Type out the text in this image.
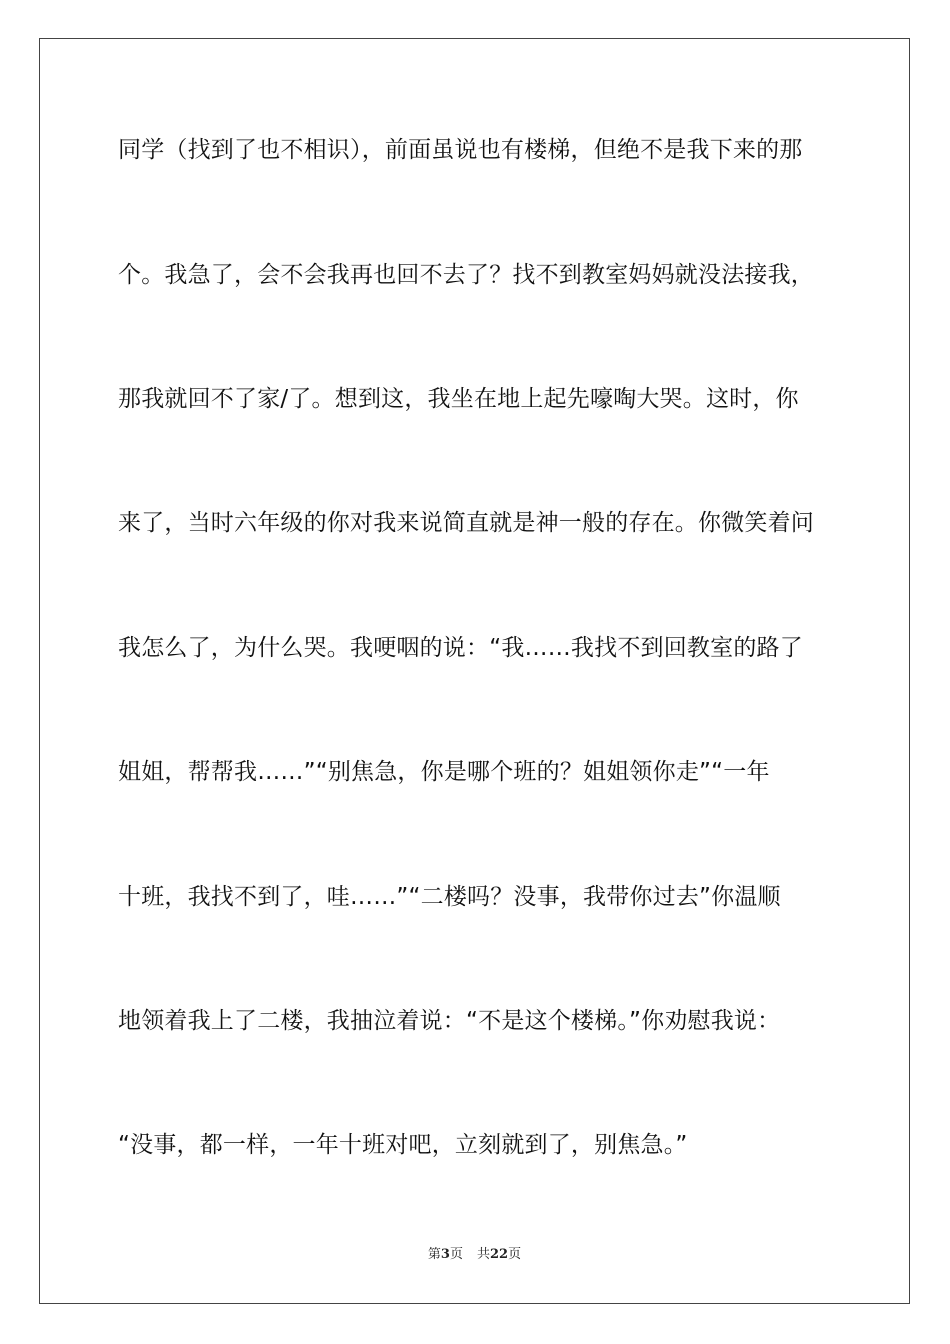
同学（找到了也不相识），前面虽说也有楼梯，但绝不是我下来的那
个。我急了，会不会我再也回不去了？找不到教室妈妈就没法接我，
那我就回不了家/了。想到这，我坐在地上起先嚎啕大哭。这时，你
来了，当时六年级的你对我来说简直就是神一般的存在。你微笑着问
我怎么了，为什么哭。我哽咽的说：“我……我找不到回教室的路了
姐姐，帮帮我……”“别焦急，你是哪个班的？姐姐领你走”“一年
十班，我找不到了，哇……”“二楼吗？没事，我带你过去”你温顺
地领着我上了二楼，我抽泣着说：“不是这个楼梯。”你劝慰我说：
“没事，都一样，一年十班对吧，立刻就到了，别焦急。”
第3页 共22页
